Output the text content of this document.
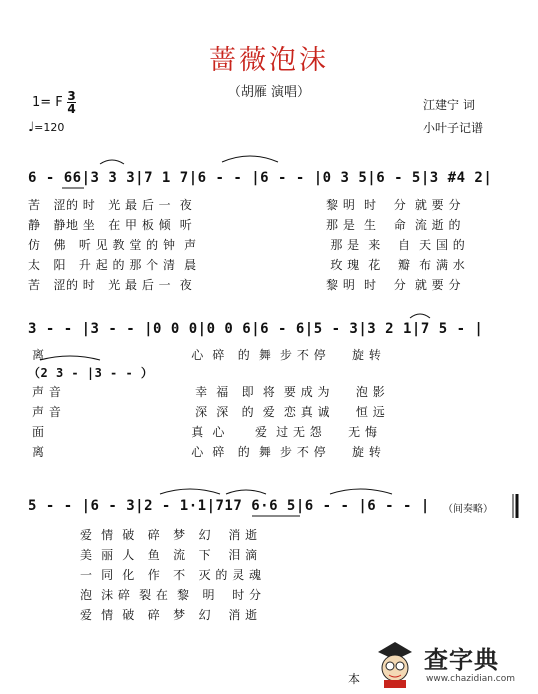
蔷薇泡沫
（胡雁 演唱）
1= F 3
4
♩=120
江建宁 词
小叶子记谱
6 - 66|3 3 3|7 1 7|6 - - |6 - - |0 3 5|6 - 5|3 #4 2|
苦   涩的 时   光 最 后 一  夜                               黎 明  时    分  就 要 分
静   静地 坐   在 甲 板 倾  听                               那 是  生    命  流 逝 的
仿   佛   听 见 教 堂 的 钟  声                               那 是  来    自  天 国 的
太   阳   升 起 的 那 个 清  晨                               玫 瑰  花    瓣  布 满 水
苦   涩的 时   光 最 后 一  夜                               黎 明  时    分  就 要 分
3 - - |3 - - |0 0 0|0 0 6|6 - 6|5 - 3|3 2 1|7 5 - |
离                                  心  碎   的  舞  步 不 停      旋 转
（2 3 - |3 - - ）
声 音                               幸  福   即  将  要 成 为      泡 影
声 音                               深  深   的  爱  恋 真 诚      恒 远
面                                  真  心       爱  过 无 怨      无 悔
离                                  心  碎   的  舞  步 不 停      旋 转
5 - - |6 - 3|2 - 1·1|717 6·6 5|6 - - |6 - - | （间奏略）
爱  情  破   碎   梦   幻    消 逝
美  丽  人   鱼   流   下    泪 滴
一  同  化   作   不   灭 的 灵 魂
泡  沫 碎  裂 在  黎   明    时 分
爱  情  破   碎   梦   幻    消 逝
本
查字典
www.chazidian.com
